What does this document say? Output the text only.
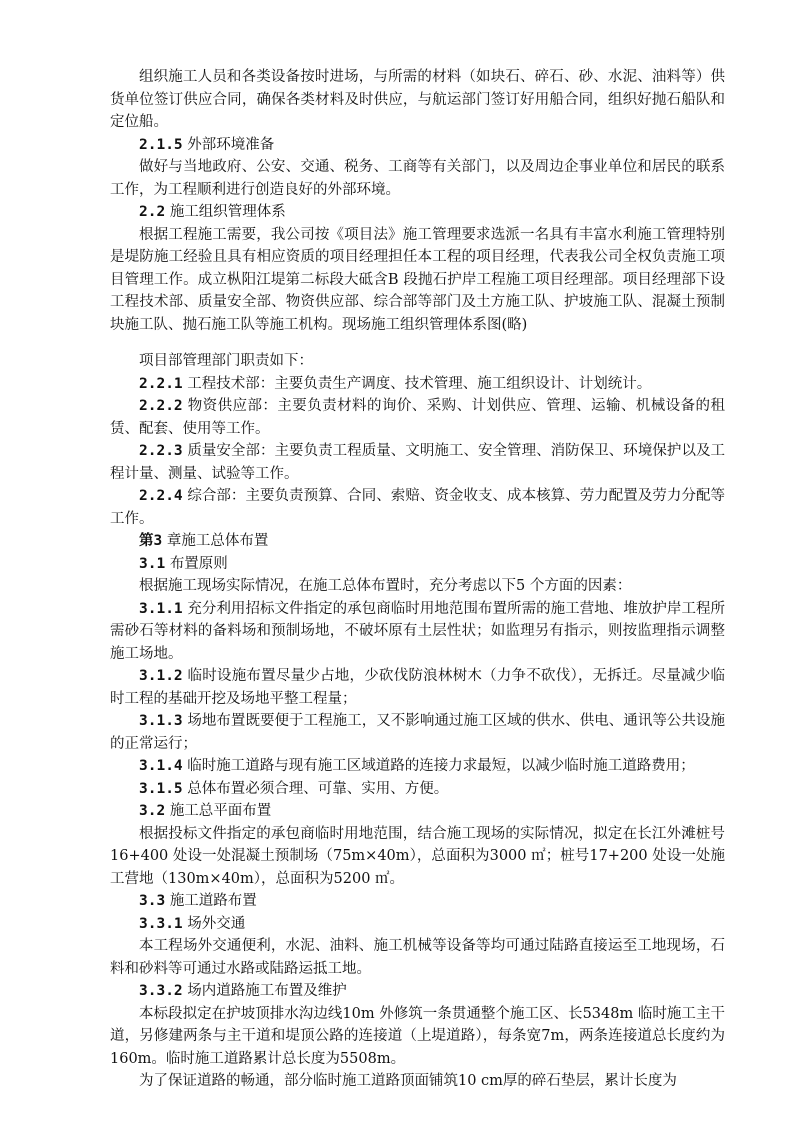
组织施工人员和各类设备按时进场，与所需的材料（如块石、碎石、砂、水泥、油料等）供货单位签订供应合同，确保各类材料及时供应，与航运部门签订好用船合同，组织好抛石船队和定位船。

2.1.5 外部环境准备

做好与当地政府、公安、交通、税务、工商等有关部门，以及周边企事业单位和居民的联系工作，为工程顺利进行创造良好的外部环境。

2.2 施工组织管理体系

根据工程施工需要，我公司按《项目法》施工管理要求选派一名具有丰富水利施工管理特别是堤防施工经验且具有相应资质的项目经理担任本工程的项目经理，代表我公司全权负责施工项目管理工作。成立枞阳江堤第二标段大砥含B 段抛石护岸工程施工项目经理部。项目经理部下设工程技术部、质量安全部、物资供应部、综合部等部门及土方施工队、护坡施工队、混凝土预制块施工队、抛石施工队等施工机构。现场施工组织管理体系图(略)

项目部管理部门职责如下：

2.2.1 工程技术部：主要负责生产调度、技术管理、施工组织设计、计划统计。

2.2.2 物资供应部：主要负责材料的询价、采购、计划供应、管理、运输、机械设备的租赁、配套、使用等工作。

2.2.3 质量安全部：主要负责工程质量、文明施工、安全管理、消防保卫、环境保护以及工程计量、测量、试验等工作。

2.2.4 综合部：主要负责预算、合同、索赔、资金收支、成本核算、劳力配置及劳力分配等工作。

第3 章施工总体布置

3.1 布置原则

根据施工现场实际情况，在施工总体布置时，充分考虑以下5 个方面的因素：

3.1.1 充分利用招标文件指定的承包商临时用地范围布置所需的施工营地、堆放护岸工程所需砂石等材料的备料场和预制场地，不破坏原有土层性状；如监理另有指示，则按监理指示调整施工场地。

3.1.2 临时设施布置尽量少占地，少砍伐防浪林树木（力争不砍伐），无拆迁。尽量减少临时工程的基础开挖及场地平整工程量；

3.1.3 场地布置既要便于工程施工，又不影响通过施工区域的供水、供电、通讯等公共设施的正常运行；

3.1.4 临时施工道路与现有施工区域道路的连接力求最短，以减少临时施工道路费用；

3.1.5 总体布置必须合理、可靠、实用、方便。

3.2 施工总平面布置

根据投标文件指定的承包商临时用地范围，结合施工现场的实际情况，拟定在长江外滩桩号16+400 处设一处混凝土预制场（75m×40m），总面积为3000 ㎡；桩号17+200 处设一处施工营地（130m×40m），总面积为5200 ㎡。

3.3 施工道路布置

3.3.1 场外交通

本工程场外交通便利，水泥、油料、施工机械等设备等均可通过陆路直接运至工地现场，石料和砂料等可通过水路或陆路运抵工地。

3.3.2 场内道路施工布置及维护

本标段拟定在护坡顶排水沟边线10m 外修筑一条贯通整个施工区、长5348m 临时施工主干道，另修建两条与主干道和堤顶公路的连接道（上堤道路），每条宽7m，两条连接道总长度约为160m。临时施工道路累计总长度为5508m。

为了保证道路的畅通，部分临时施工道路顶面铺筑10 cm厚的碎石垫层，累计长度为
